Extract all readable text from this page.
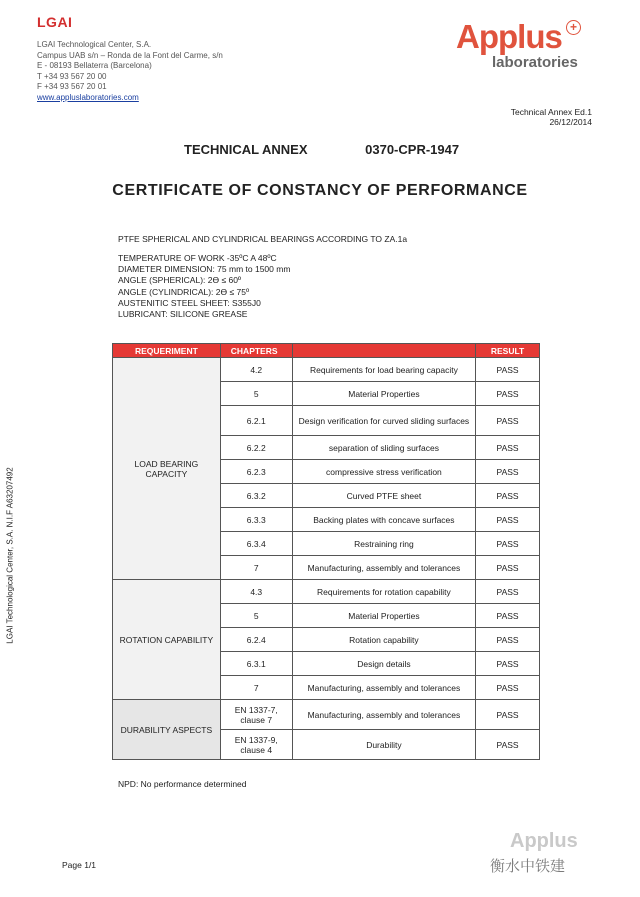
LGAI
LGAI Technological Center, S.A.
Campus UAB s/n – Ronda de la Font del Carme, s/n
E - 08193 Bellaterra (Barcelona)
T +34 93 567 20 00
F +34 93 567 20 01
www.appluslaboratories.com
Applus +
laboratories
Technical Annex Ed.1
26/12/2014
TECHNICAL ANNEX	0370-CPR-1947
CERTIFICATE OF CONSTANCY OF PERFORMANCE
PTFE SPHERICAL AND CYLINDRICAL BEARINGS ACCORDING TO ZA.1a
TEMPERATURE OF WORK -35ºC A 48ºC
DIAMETER DIMENSION: 75 mm to 1500 mm
ANGLE (SPHERICAL): 2ϴ ≤ 60º
ANGLE (CYLINDRICAL): 2ϴ ≤ 75º
AUSTENITIC STEEL SHEET: S355J0
LUBRICANT: SILICONE GREASE
REQUERIMENT	CHAPTERS		RESULT
LOAD BEARING CAPACITY	4.2	Requirements for load bearing capacity	PASS
	5	Material Properties	PASS
	6.2.1	Design verification for curved sliding surfaces	PASS
	6.2.2	separation of sliding surfaces	PASS
	6.2.3	compressive stress verification	PASS
	6.3.2	Curved PTFE sheet	PASS
	6.3.3	Backing plates with concave surfaces	PASS
	6.3.4	Restraining ring	PASS
	7	Manufacturing, assembly and tolerances	PASS
ROTATION CAPABILITY	4.3	Requirements for rotation capability	PASS
	5	Material Properties	PASS
	6.2.4	Rotation capability	PASS
	6.3.1	Design details	PASS
	7	Manufacturing, assembly and tolerances	PASS
DURABILITY ASPECTS	EN 1337-7, clause 7	Manufacturing, assembly and tolerances	PASS
	EN 1337-9, clause 4	Durability	PASS
NPD: No performance determined
Page 1/1
LGAI Technological Center, S.A. N.I.F A63207492
Applus
衡水中铁建
